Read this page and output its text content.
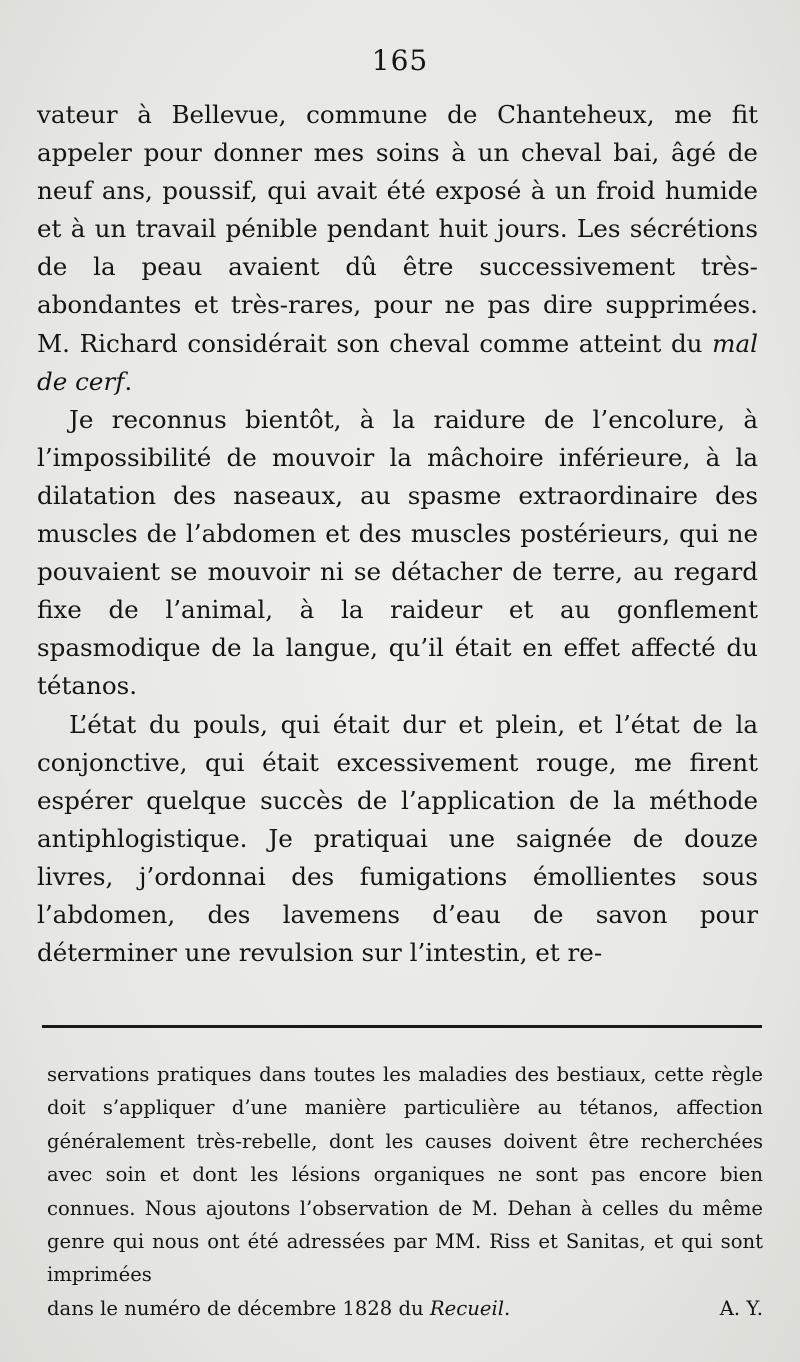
165

vateur à Bellevue, commune de Chanteheux, me fit appeler pour donner mes soins à un cheval bai, âgé de neuf ans, poussif, qui avait été exposé à un froid humide et à un travail pénible pendant huit jours. Les sécrétions de la peau avaient dû être successivement très-abondantes et très-rares, pour ne pas dire supprimées. M. Richard considérait son cheval comme atteint du mal de cerf.

Je reconnus bientôt, à la raidure de l’encolure, à l’impossibilité de mouvoir la mâchoire inférieure, à la dilatation des naseaux, au spasme extraordinaire des muscles de l’abdomen et des muscles postérieurs, qui ne pouvaient se mouvoir ni se détacher de terre, au regard fixe de l’animal, à la raideur et au gonflement spasmodique de la langue, qu’il était en effet affecté du tétanos.

L’état du pouls, qui était dur et plein, et l’état de la conjonctive, qui était excessivement rouge, me firent espérer quelque succès de l’application de la méthode antiphlogistique. Je pratiquai une saignée de douze livres, j’ordonnai des fumigations émollientes sous l’abdomen, des lavemens d’eau de savon pour déterminer une revulsion sur l’intestin, et re-

servations pratiques dans toutes les maladies des bestiaux, cette règle doit s’appliquer d’une manière particulière au tétanos, affection généralement très-rebelle, dont les causes doivent être recherchées avec soin et dont les lésions organiques ne sont pas encore bien connues. Nous ajoutons l’observation de M. Dehan à celles du même genre qui nous ont été adressées par MM. Riss et Sanitas, et qui sont imprimées

dans le numéro de décembre 1828 du Recueil.	A. Y.
